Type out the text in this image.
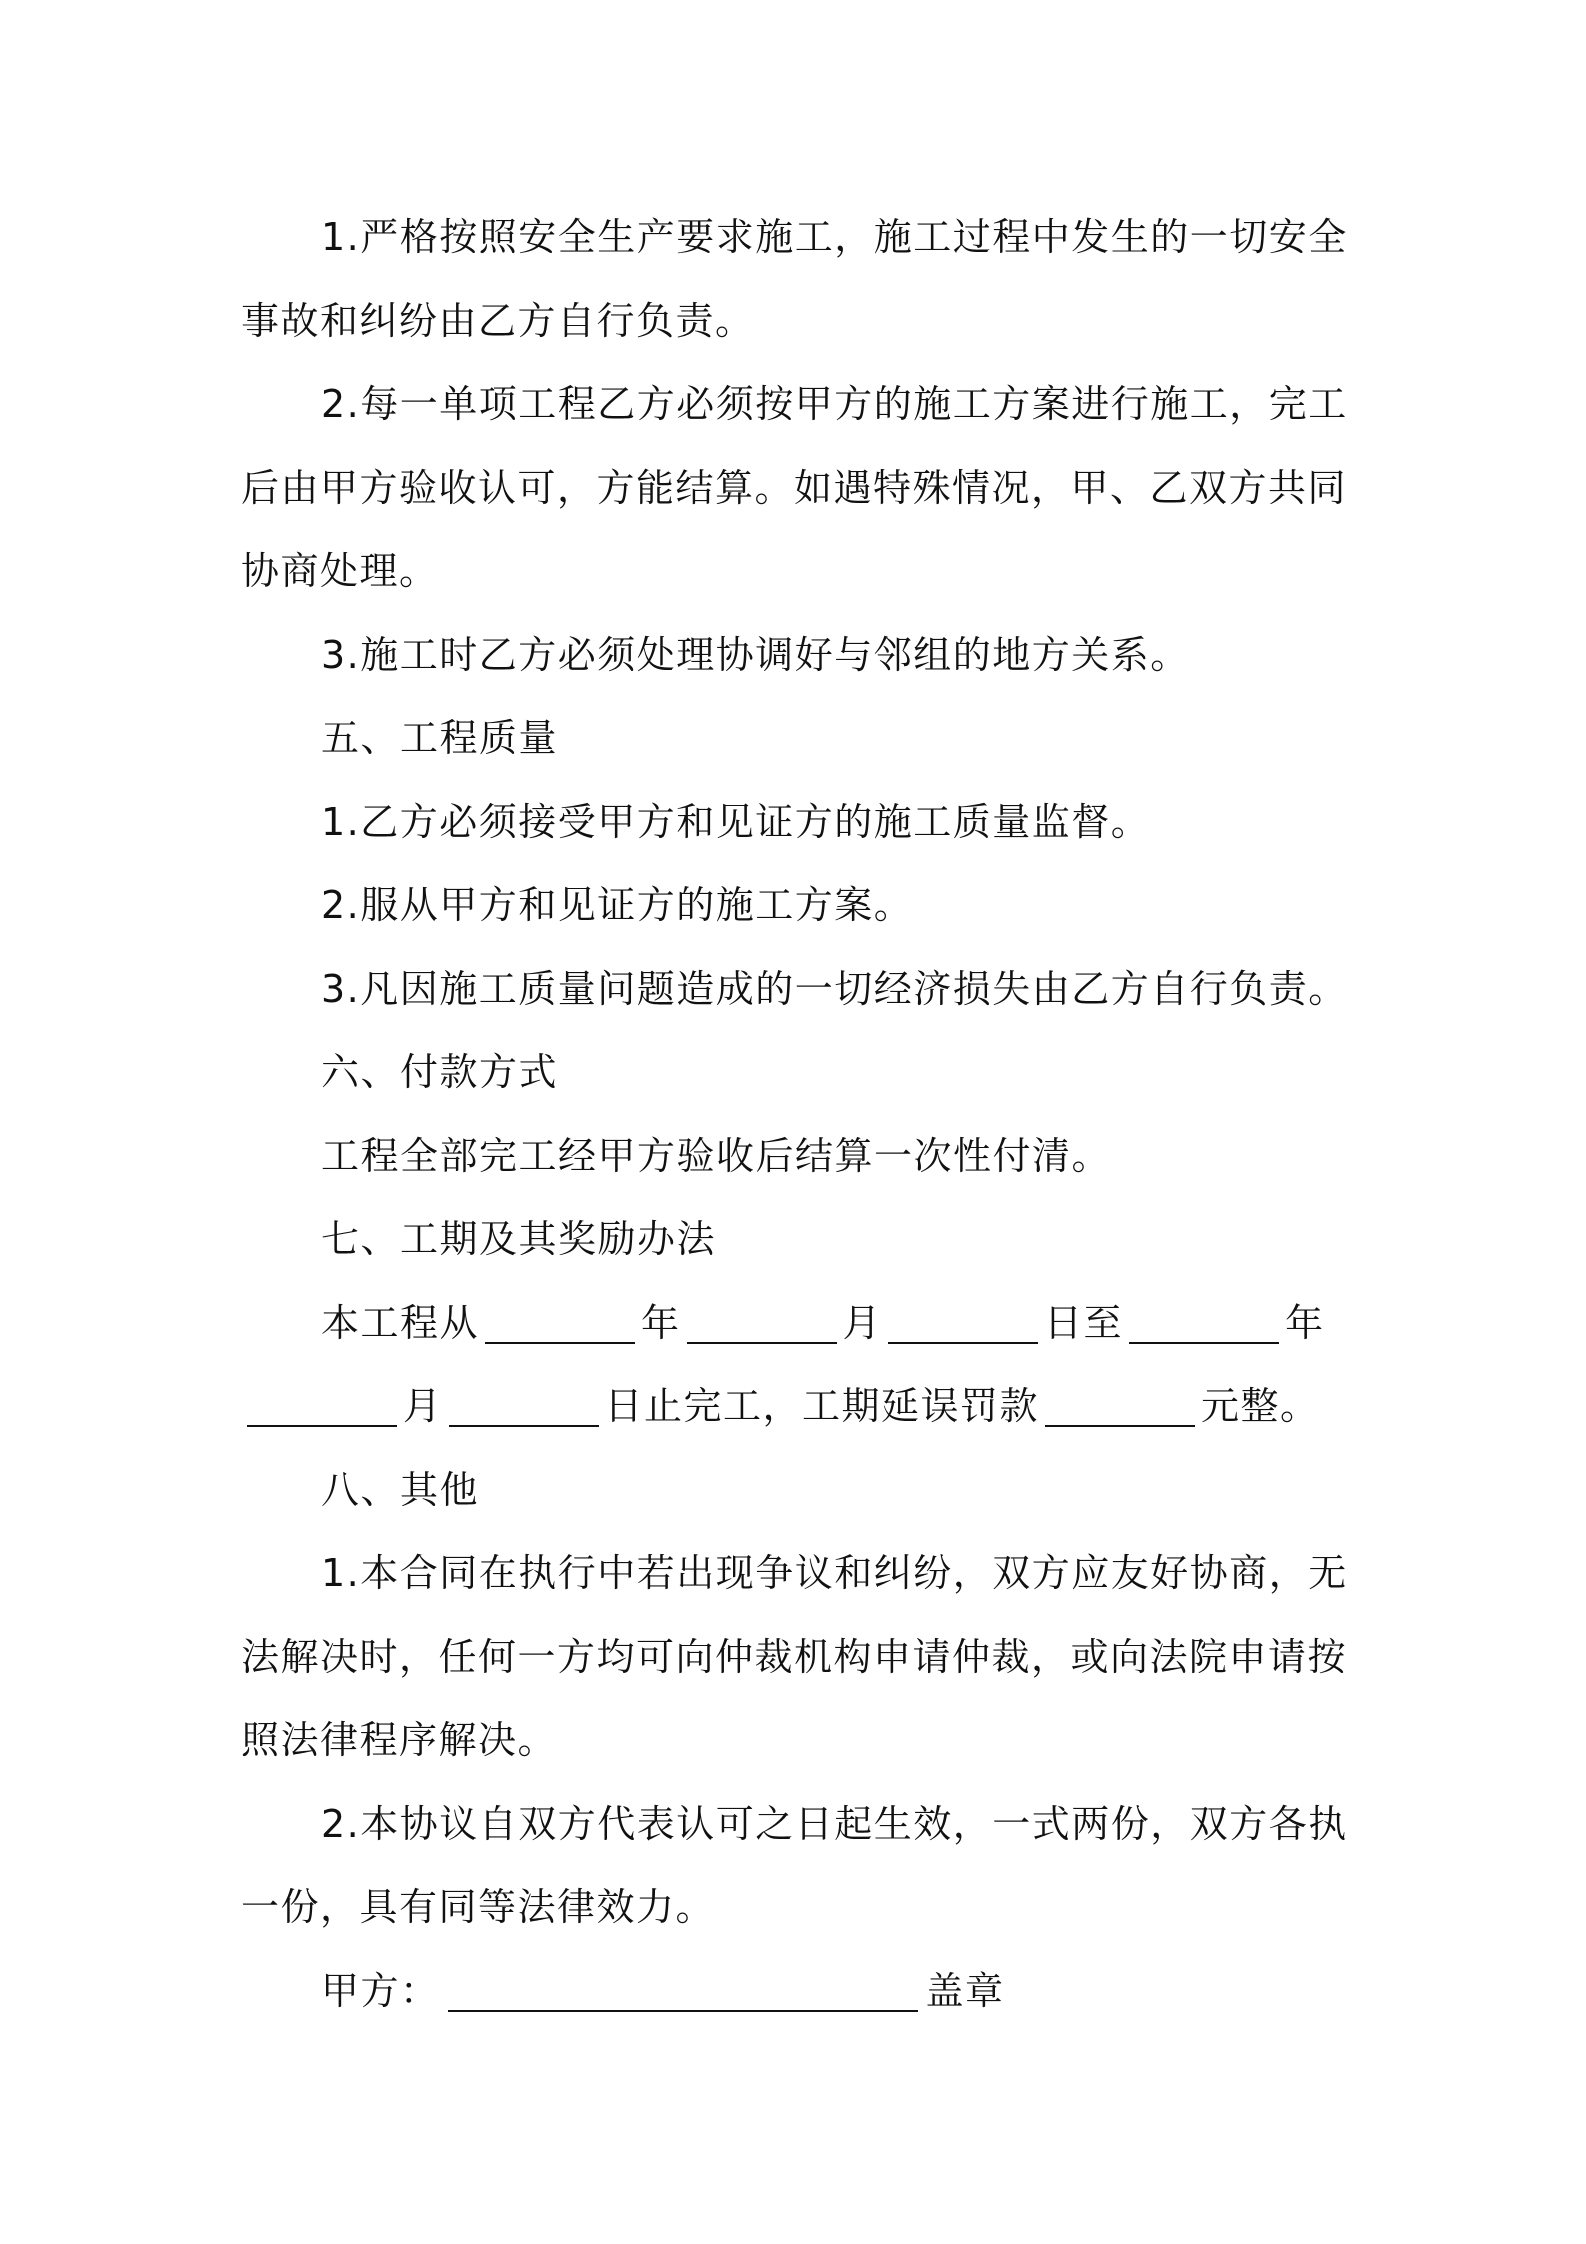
1.严格按照安全生产要求施工，施工过程中发生的一切安全事故和纠纷由乙方自行负责。

2.每一单项工程乙方必须按甲方的施工方案进行施工，完工后由甲方验收认可，方能结算。如遇特殊情况，甲、乙双方共同协商处理。

3.施工时乙方必须处理协调好与邻组的地方关系。

五、工程质量

1.乙方必须接受甲方和见证方的施工质量监督。

2.服从甲方和见证方的施工方案。

3.凡因施工质量问题造成的一切经济损失由乙方自行负责。

六、付款方式

工程全部完工经甲方验收后结算一次性付清。

七、工期及其奖励办法

本工程从	年	月	日至	年月	日止完工，工期延误罚款	元整。

八、其他

1.本合同在执行中若出现争议和纠纷，双方应友好协商，无法解决时，任何一方均可向仲裁机构申请仲裁，或向法院申请按照法律程序解决。

2.本协议自双方代表认可之日起生效，一式两份，双方各执一份，具有同等法律效力。

甲方：	盖章
